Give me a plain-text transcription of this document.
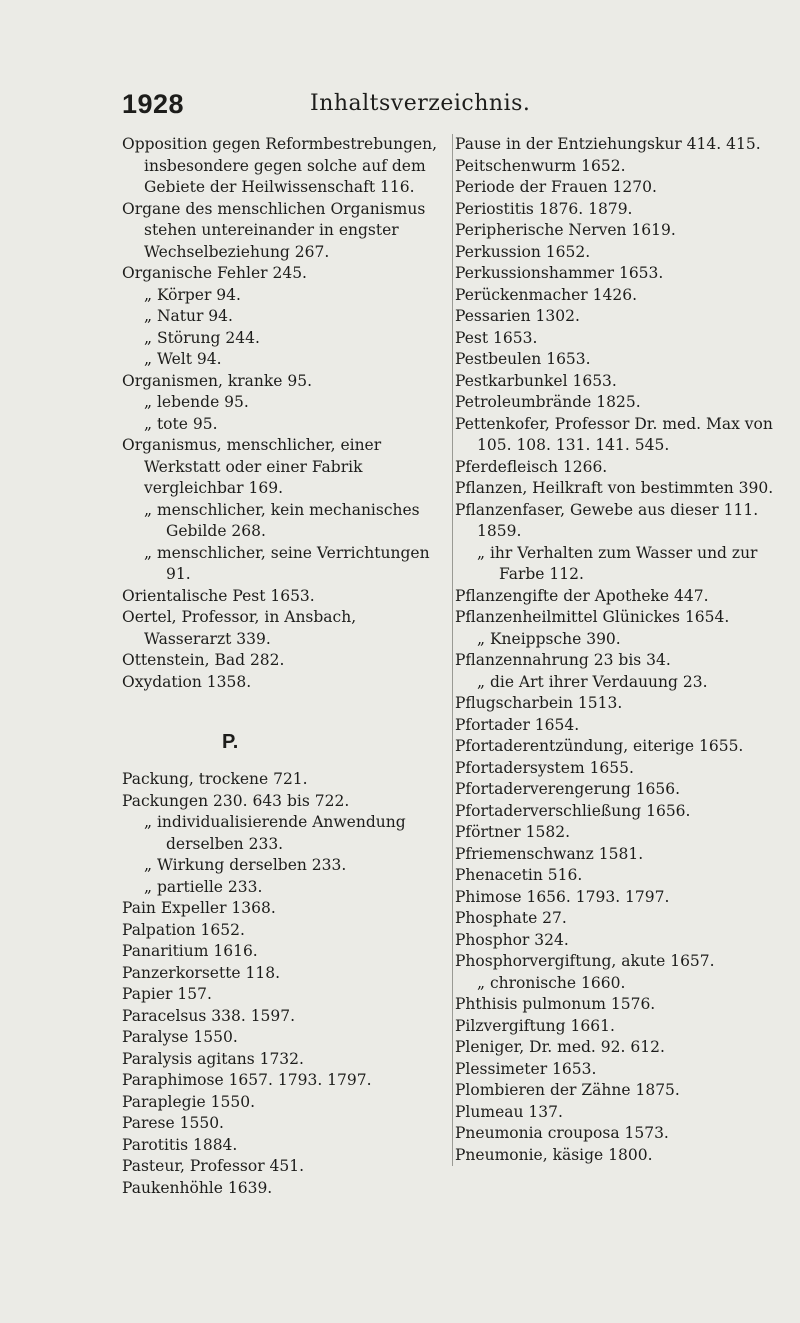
1928	Inhaltsverzeichnis.
Opposition gegen Reformbestrebungen, insbesondere gegen solche auf dem Gebiete der Heilwissenschaft 116.
Organe des menschlichen Organismus stehen untereinander in engster Wechselbeziehung 267.
Organische Fehler 245.
„ Körper 94.
„ Natur 94.
„ Störung 244.
„ Welt 94.
Organismen, kranke 95.
„ lebende 95.
„ tote 95.
Organismus, menschlicher, einer Werkstatt oder einer Fabrik vergleichbar 169.
„ menschlicher, kein mechanisches Gebilde 268.
„ menschlicher, seine Verrichtungen 91.
Orientalische Pest 1653.
Oertel, Professor, in Ansbach, Wasserarzt 339.
Ottenstein, Bad 282.
Oxydation 1358.
P.
Packung, trockene 721.
Packungen 230. 643 bis 722.
„ individualisierende Anwendung derselben 233.
„ Wirkung derselben 233.
„ partielle 233.
Pain Expeller 1368.
Palpation 1652.
Panaritium 1616.
Panzerkorsette 118.
Papier 157.
Paracelsus 338. 1597.
Paralyse 1550.
Paralysis agitans 1732.
Paraphimose 1657. 1793. 1797.
Paraplegie 1550.
Parese 1550.
Parotitis 1884.
Pasteur, Professor 451.
Paukenhöhle 1639.
Pause in der Entziehungskur 414. 415.
Peitschenwurm 1652.
Periode der Frauen 1270.
Periostitis 1876. 1879.
Periphe​rische Nerven 1619.
Perkussion 1652.
Perkussionshammer 1653.
Perückenmacher 1426.
Pessarien 1302.
Pest 1653.
Pestbeulen 1653.
Pestkarbunkel 1653.
Petroleumbrände 1825.
Pettenkofer, Professor Dr. med. Max von 105. 108. 131. 141. 545.
Pferdefleisch 1266.
Pflanzen, Heilkraft von bestimmten 390.
Pflanzenfaser, Gewebe aus dieser 111. 1859.
„ ihr Verhalten zum Wasser und zur Farbe 112.
Pflanzengifte der Apotheke 447.
Pflanzenheilmittel Glünickes 1654.
„ Kneippsche 390.
Pflanzennahrung 23 bis 34.
„ die Art ihrer Verdauung 23.
Pflugscharbein 1513.
Pfortader 1654.
Pfortaderentzündung, eiterige 1655.
Pfortadersystem 1655.
Pfortaderverengerung 1656.
Pfortaderverschließung 1656.
Pförtner 1582.
Pfriemenschwanz 1581.
Phenacetin 516.
Phimose 1656. 1793. 1797.
Phosphate 27.
Phosphor 324.
Phosphorvergiftung, akute 1657.
„ chronische 1660.
Phthisis pulmonum 1576.
Pilzvergiftung 1661.
Pleniger, Dr. med. 92. 612.
Plessimeter 1653.
Plombieren der Zähne 1875.
Plumeau 137.
Pneumonia crouposa 1573.
Pneumonie, käsige 1800.
